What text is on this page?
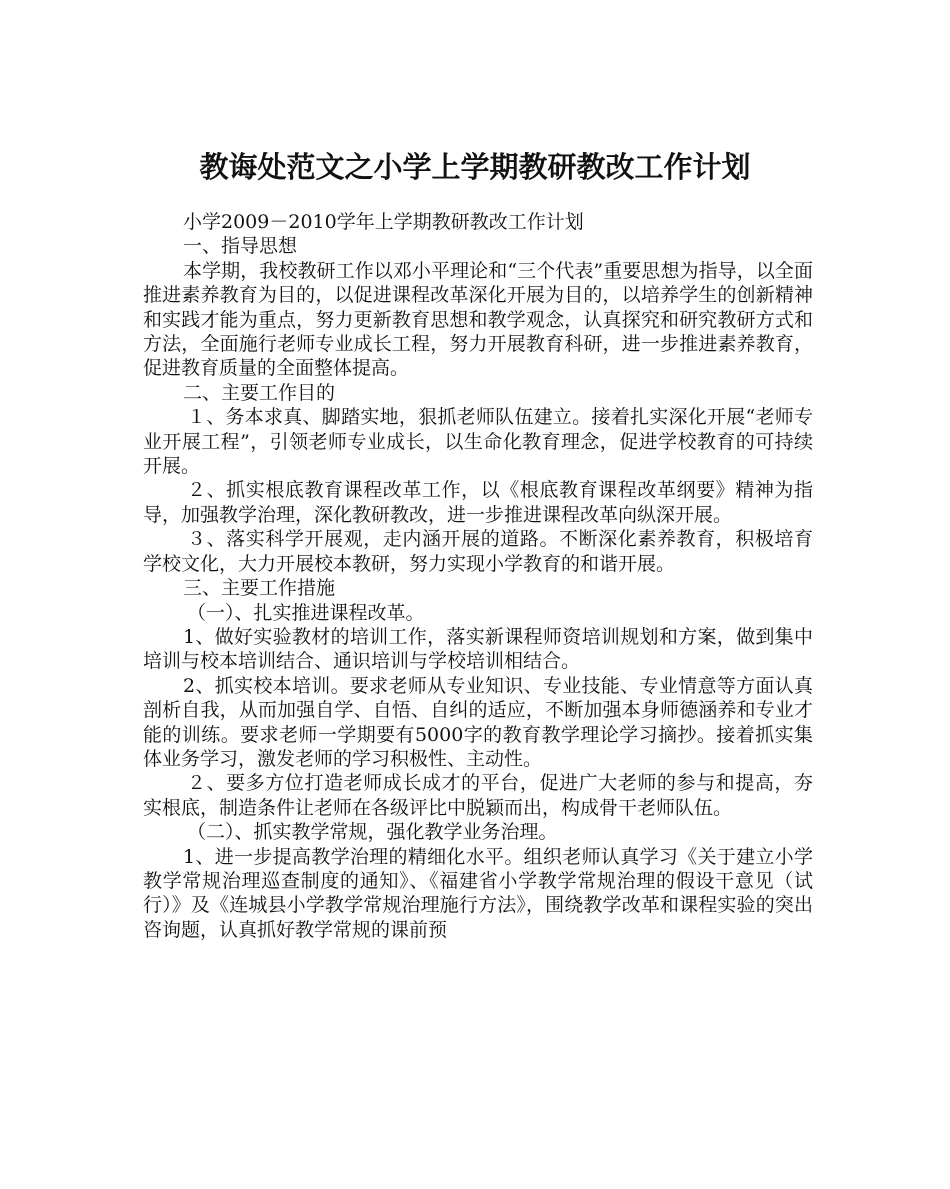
教诲处范文之小学上学期教研教改工作计划

小学2009－2010学年上学期教研教改工作计划

一、指导思想

本学期，我校教研工作以邓小平理论和“三个代表”重要思想为指导，以全面推进素养教育为目的，以促进课程改革深化开展为目的，以培养学生的创新精神和实践才能为重点，努力更新教育思想和教学观念，认真探究和研究教研方式和方法，全面施行老师专业成长工程，努力开展教育科研，进一步推进素养教育，促进教育质量的全面整体提高。

二、主要工作目的

１、务本求真、脚踏实地，狠抓老师队伍建立。接着扎实深化开展“老师专业开展工程”，引领老师专业成长，以生命化教育理念，促进学校教育的可持续开展。

２、抓实根底教育课程改革工作，以《根底教育课程改革纲要》精神为指导，加强教学治理，深化教研教改，进一步推进课程改革向纵深开展。

３、落实科学开展观，走内涵开展的道路。不断深化素养教育，积极培育学校文化，大力开展校本教研，努力实现小学教育的和谐开展。

三、主要工作措施

（一）、扎实推进课程改革。

1、做好实验教材的培训工作，落实新课程师资培训规划和方案，做到集中培训与校本培训结合、通识培训与学校培训相结合。

2、抓实校本培训。要求老师从专业知识、专业技能、专业情意等方面认真剖析自我，从而加强自学、自悟、自纠的适应，不断加强本身师德涵养和专业才能的训练。要求老师一学期要有5000字的教育教学理论学习摘抄。接着抓实集体业务学习，激发老师的学习积极性、主动性。

２、要多方位打造老师成长成才的平台，促进广大老师的参与和提高，夯实根底，制造条件让老师在各级评比中脱颖而出，构成骨干老师队伍。

（二）、抓实教学常规，强化教学业务治理。

1、进一步提高教学治理的精细化水平。组织老师认真学习《关于建立小学教学常规治理巡查制度的通知》、《福建省小学教学常规治理的假设干意见（试行）》及《连城县小学教学常规治理施行方法》，围绕教学改革和课程实验的突出咨询题，认真抓好教学常规的课前预
